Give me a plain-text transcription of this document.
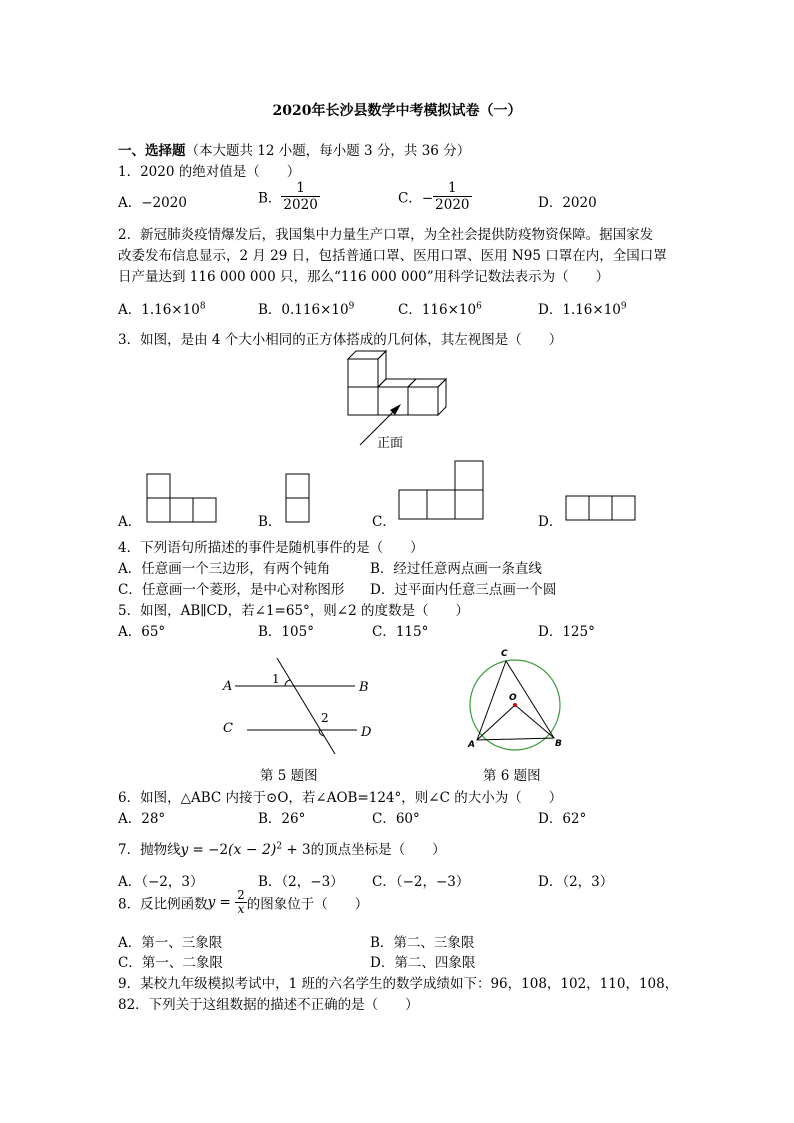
2020年长沙县数学中考模拟试卷（一）
一、选择题（本大题共 12 小题，每小题 3 分，共 36 分）
1．2020 的绝对值是（　　）
A．−2020	B． $\frac{1}{2020}$	C．− $\frac{1}{2020}$	D．2020
2．新冠肺炎疫情爆发后，我国集中力量生产口罩，为全社会提供防疫物资保障。据国家发
改委发布信息显示，2 月 29 日，包括普通口罩、医用口罩、医用 N95 口罩在内，全国口罩
日产量达到 116 000 000 只，那么“116 000 000”用科学记数法表示为（　　）
A．$1.16\times 10^8$	B．$0.116\times 10^9$	C．$116\times 10^6$	D．$1.16\times 10^9$
3．如图，是由 4 个大小相同的正方体搭成的几何体，其左视图是（　　）
正面
A．	B．	C．	D．
4．下列语句所描述的事件是随机事件的是（　　）
A．任意画一个三边形，有两个钝角	B．经过任意两点画一条直线
C．任意画一个菱形，是中心对称图形 D．过平面内任意三点画一个圆
5．如图，AB∥CD，若∠1=65°，则∠2 的度数是（　　）
A．65°	B．105°	C．115°	D．125°
A	B
C	D
1
2
第 5 题图
C
A	B
O
第 6 题图
6．如图，△ABC 内接于⊙O，若∠AOB=124°，则∠C 的大小为（　　）
A．28°	B．26°	C．60°	D．62°
7．抛物线$y = -2(x - 2)^2 + 3$的顶点坐标是（　　）
A．（−2，3）	B．（2，−3） C．（−2，−3）	D．（2，3）
8．反比例函数$y = \frac{2}{x}$ 的图象位于（　　）
A．第一、三象限	B．第二、三象限
C．第一、二象限	D．第二、四象限
9．某校九年级模拟考试中，1 班的六名学生的数学成绩如下：96，108，102，110，108，
82．下列关于这组数据的描述不正确的是（　　）
